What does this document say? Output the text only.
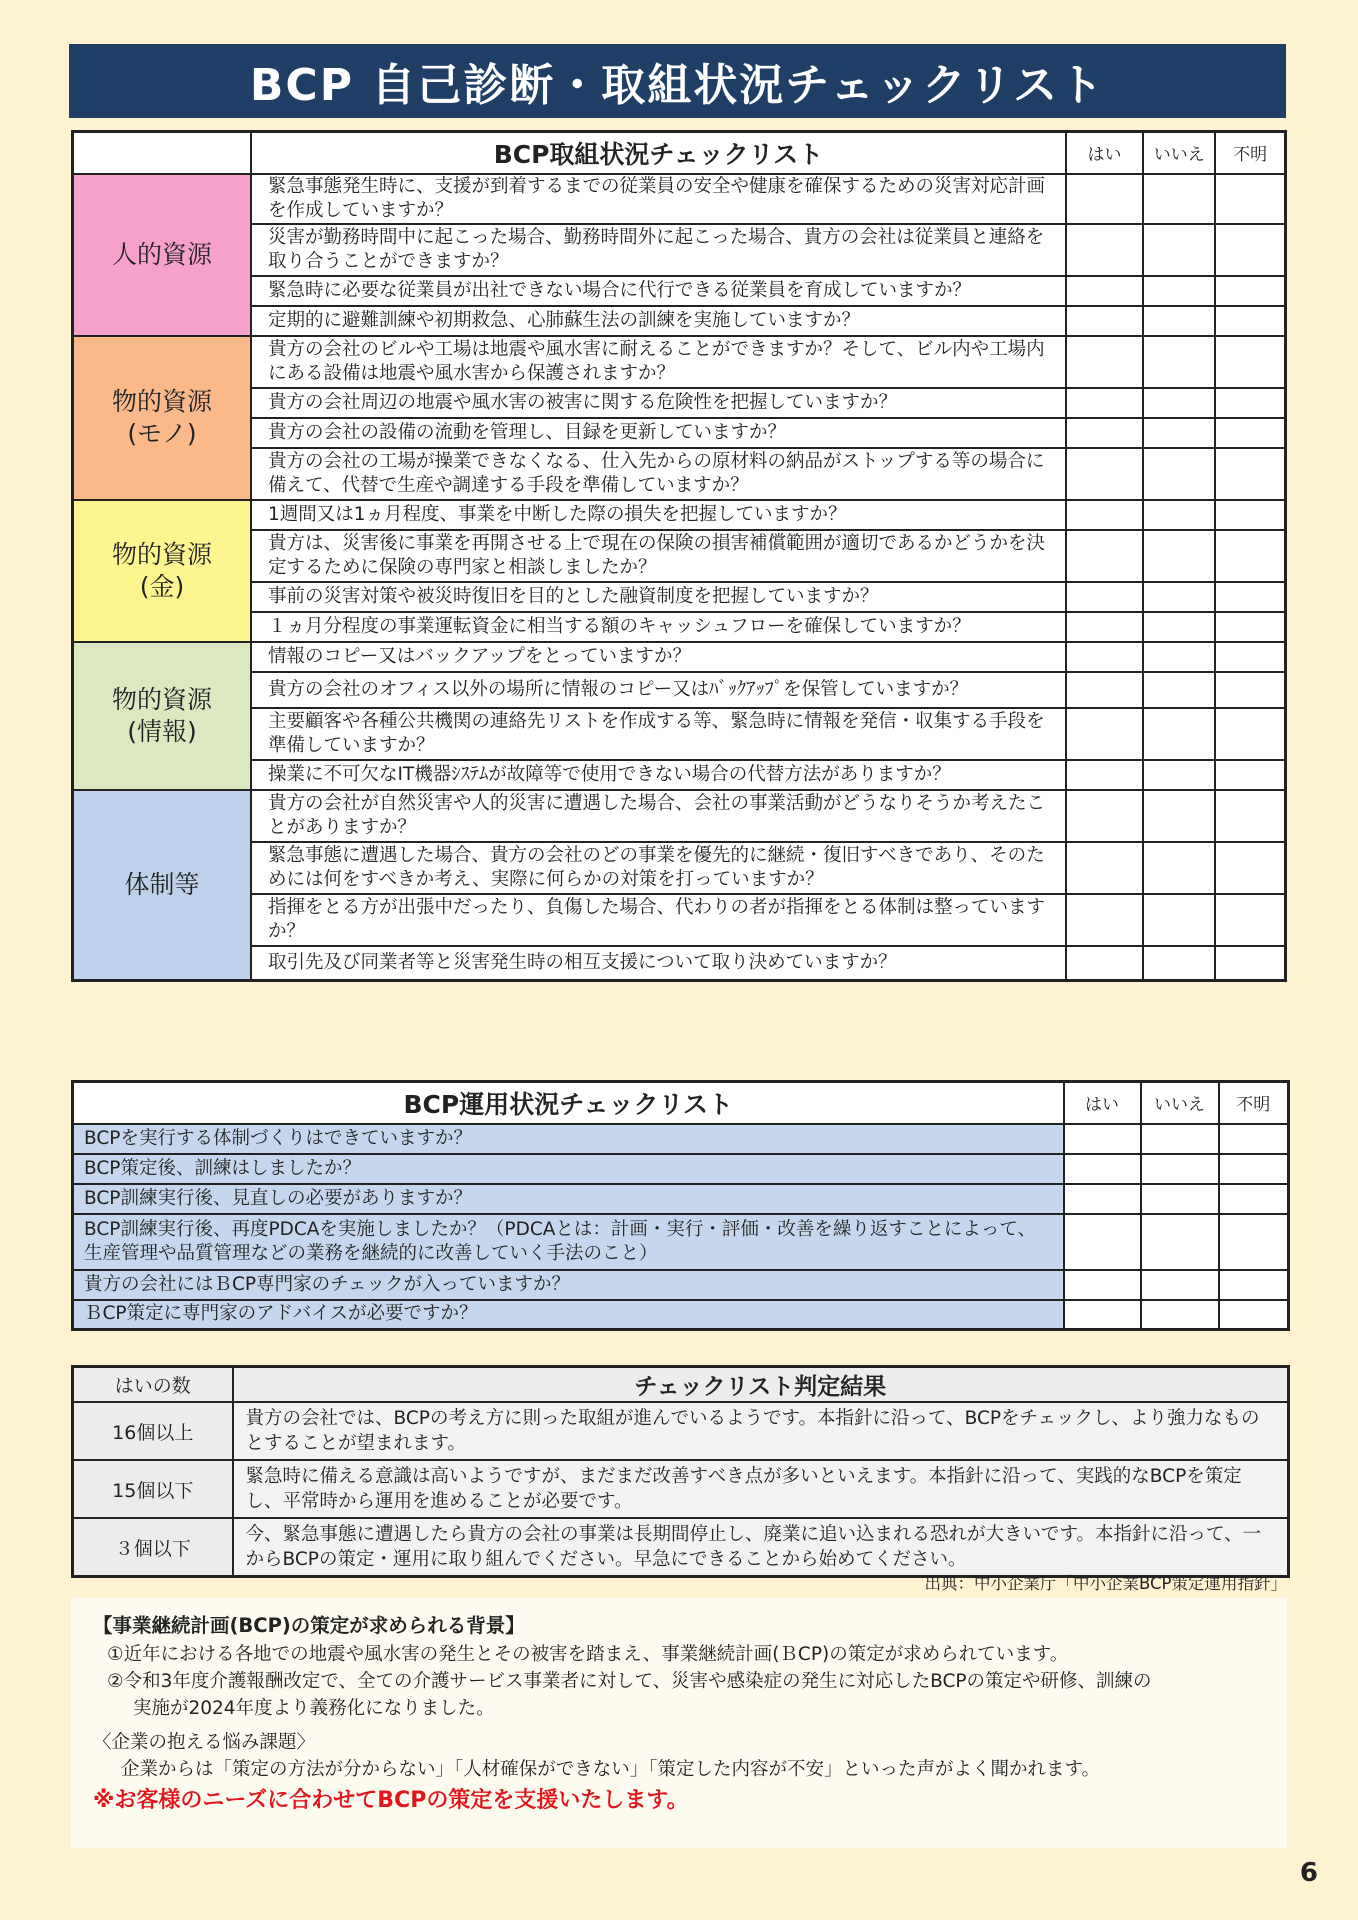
BCP 自己診断・取組状況チェックリスト
	BCP取組状況チェックリスト	はい	いいえ	不明

人的資源	緊急事態発生時に、支援が到着するまでの従業員の安全や健康を確保するための災害対応計画を作成していますか？			
	災害が勤務時間中に起こった場合、勤務時間外に起こった場合、貴方の会社は従業員と連絡を取り合うことができますか？			
	緊急時に必要な従業員が出社できない場合に代行できる従業員を育成していますか？			
	定期的に避難訓練や初期救急、心肺蘇生法の訓練を実施していますか？			

物的資源
(モノ)	貴方の会社のビルや工場は地震や風水害に耐えることができますか？そして、ビル内や工場内にある設備は地震や風水害から保護されますか？			
	貴方の会社周辺の地震や風水害の被害に関する危険性を把握していますか？			
	貴方の会社の設備の流動を管理し、目録を更新していますか？			
	貴方の会社の工場が操業できなくなる、仕入先からの原材料の納品がストップする等の場合に備えて、代替で生産や調達する手段を準備していますか？			

物的資源
(金)	1週間又は1ヵ月程度、事業を中断した際の損失を把握していますか？			
	貴方は、災害後に事業を再開させる上で現在の保険の損害補償範囲が適切であるかどうかを決定するために保険の専門家と相談しましたか？			
	事前の災害対策や被災時復旧を目的とした融資制度を把握していますか？			
	１ヵ月分程度の事業運転資金に相当する額のキャッシュフローを確保していますか？			

物的資源
(情報)	情報のコピー又はバックアップをとっていますか？			
	貴方の会社のオフィス以外の場所に情報のコピー又はﾊﾞｯｸｱｯﾌﾟを保管していますか？			
	主要顧客や各種公共機関の連絡先リストを作成する等、緊急時に情報を発信・収集する手段を準備していますか？			
	操業に不可欠なIT機器ｼｽﾃﾑが故障等で使用できない場合の代替方法がありますか？			

体制等	貴方の会社が自然災害や人的災害に遭遇した場合、会社の事業活動がどうなりそうか考えたことがありますか？			
	緊急事態に遭遇した場合、貴方の会社のどの事業を優先的に継続・復旧すべきであり、そのためには何をすべきか考え、実際に何らかの対策を打っていますか？			
	指揮をとる方が出張中だったり、負傷した場合、代わりの者が指揮をとる体制は整っていますか？			
	取引先及び同業者等と災害発生時の相互支援について取り決めていますか？			
BCP運用状況チェックリスト	はい	いいえ	不明
BCPを実行する体制づくりはできていますか？			
BCP策定後、訓練はしましたか？			
BCP訓練実行後、見直しの必要がありますか？			
BCP訓練実行後、再度PDCAを実施しましたか？（PDCAとは：計画・実行・評価・改善を繰り返すことによって、生産管理や品質管理などの業務を継続的に改善していく手法のこと）			
貴方の会社にはＢCP専門家のチェックが入っていますか？			
ＢCP策定に専門家のアドバイスが必要ですか？			
はいの数	チェックリスト判定結果
16個以上	貴方の会社では、BCPの考え方に則った取組が進んでいるようです。本指針に沿って、BCPをチェックし、より強力なものとすることが望まれます。
15個以下	緊急時に備える意識は高いようですが、まだまだ改善すべき点が多いといえます。本指針に沿って、実践的なBCPを策定し、平常時から運用を進めることが必要です。
３個以下	今、緊急事態に遭遇したら貴方の会社の事業は長期間停止し、廃業に追い込まれる恐れが大きいです。本指針に沿って、一からBCPの策定・運用に取り組んでください。早急にできることから始めてください。
出典：中小企業庁「中小企業BCP策定運用指針」
【事業継続計画(BCP)の策定が求められる背景】
①近年における各地での地震や風水害の発生とその被害を踏まえ、事業継続計画(ＢCP)の策定が求められています。
②令和3年度介護報酬改定で、全ての介護サービス事業者に対して、災害や感染症の発生に対応したBCPの策定や研修、訓練の
実施が2024年度より義務化になりました。
〈企業の抱える悩み課題〉
企業からは「策定の方法が分からない」「人材確保ができない」「策定した内容が不安」といった声がよく聞かれます。
※お客様のニーズに合わせてBCPの策定を支援いたします。
6
